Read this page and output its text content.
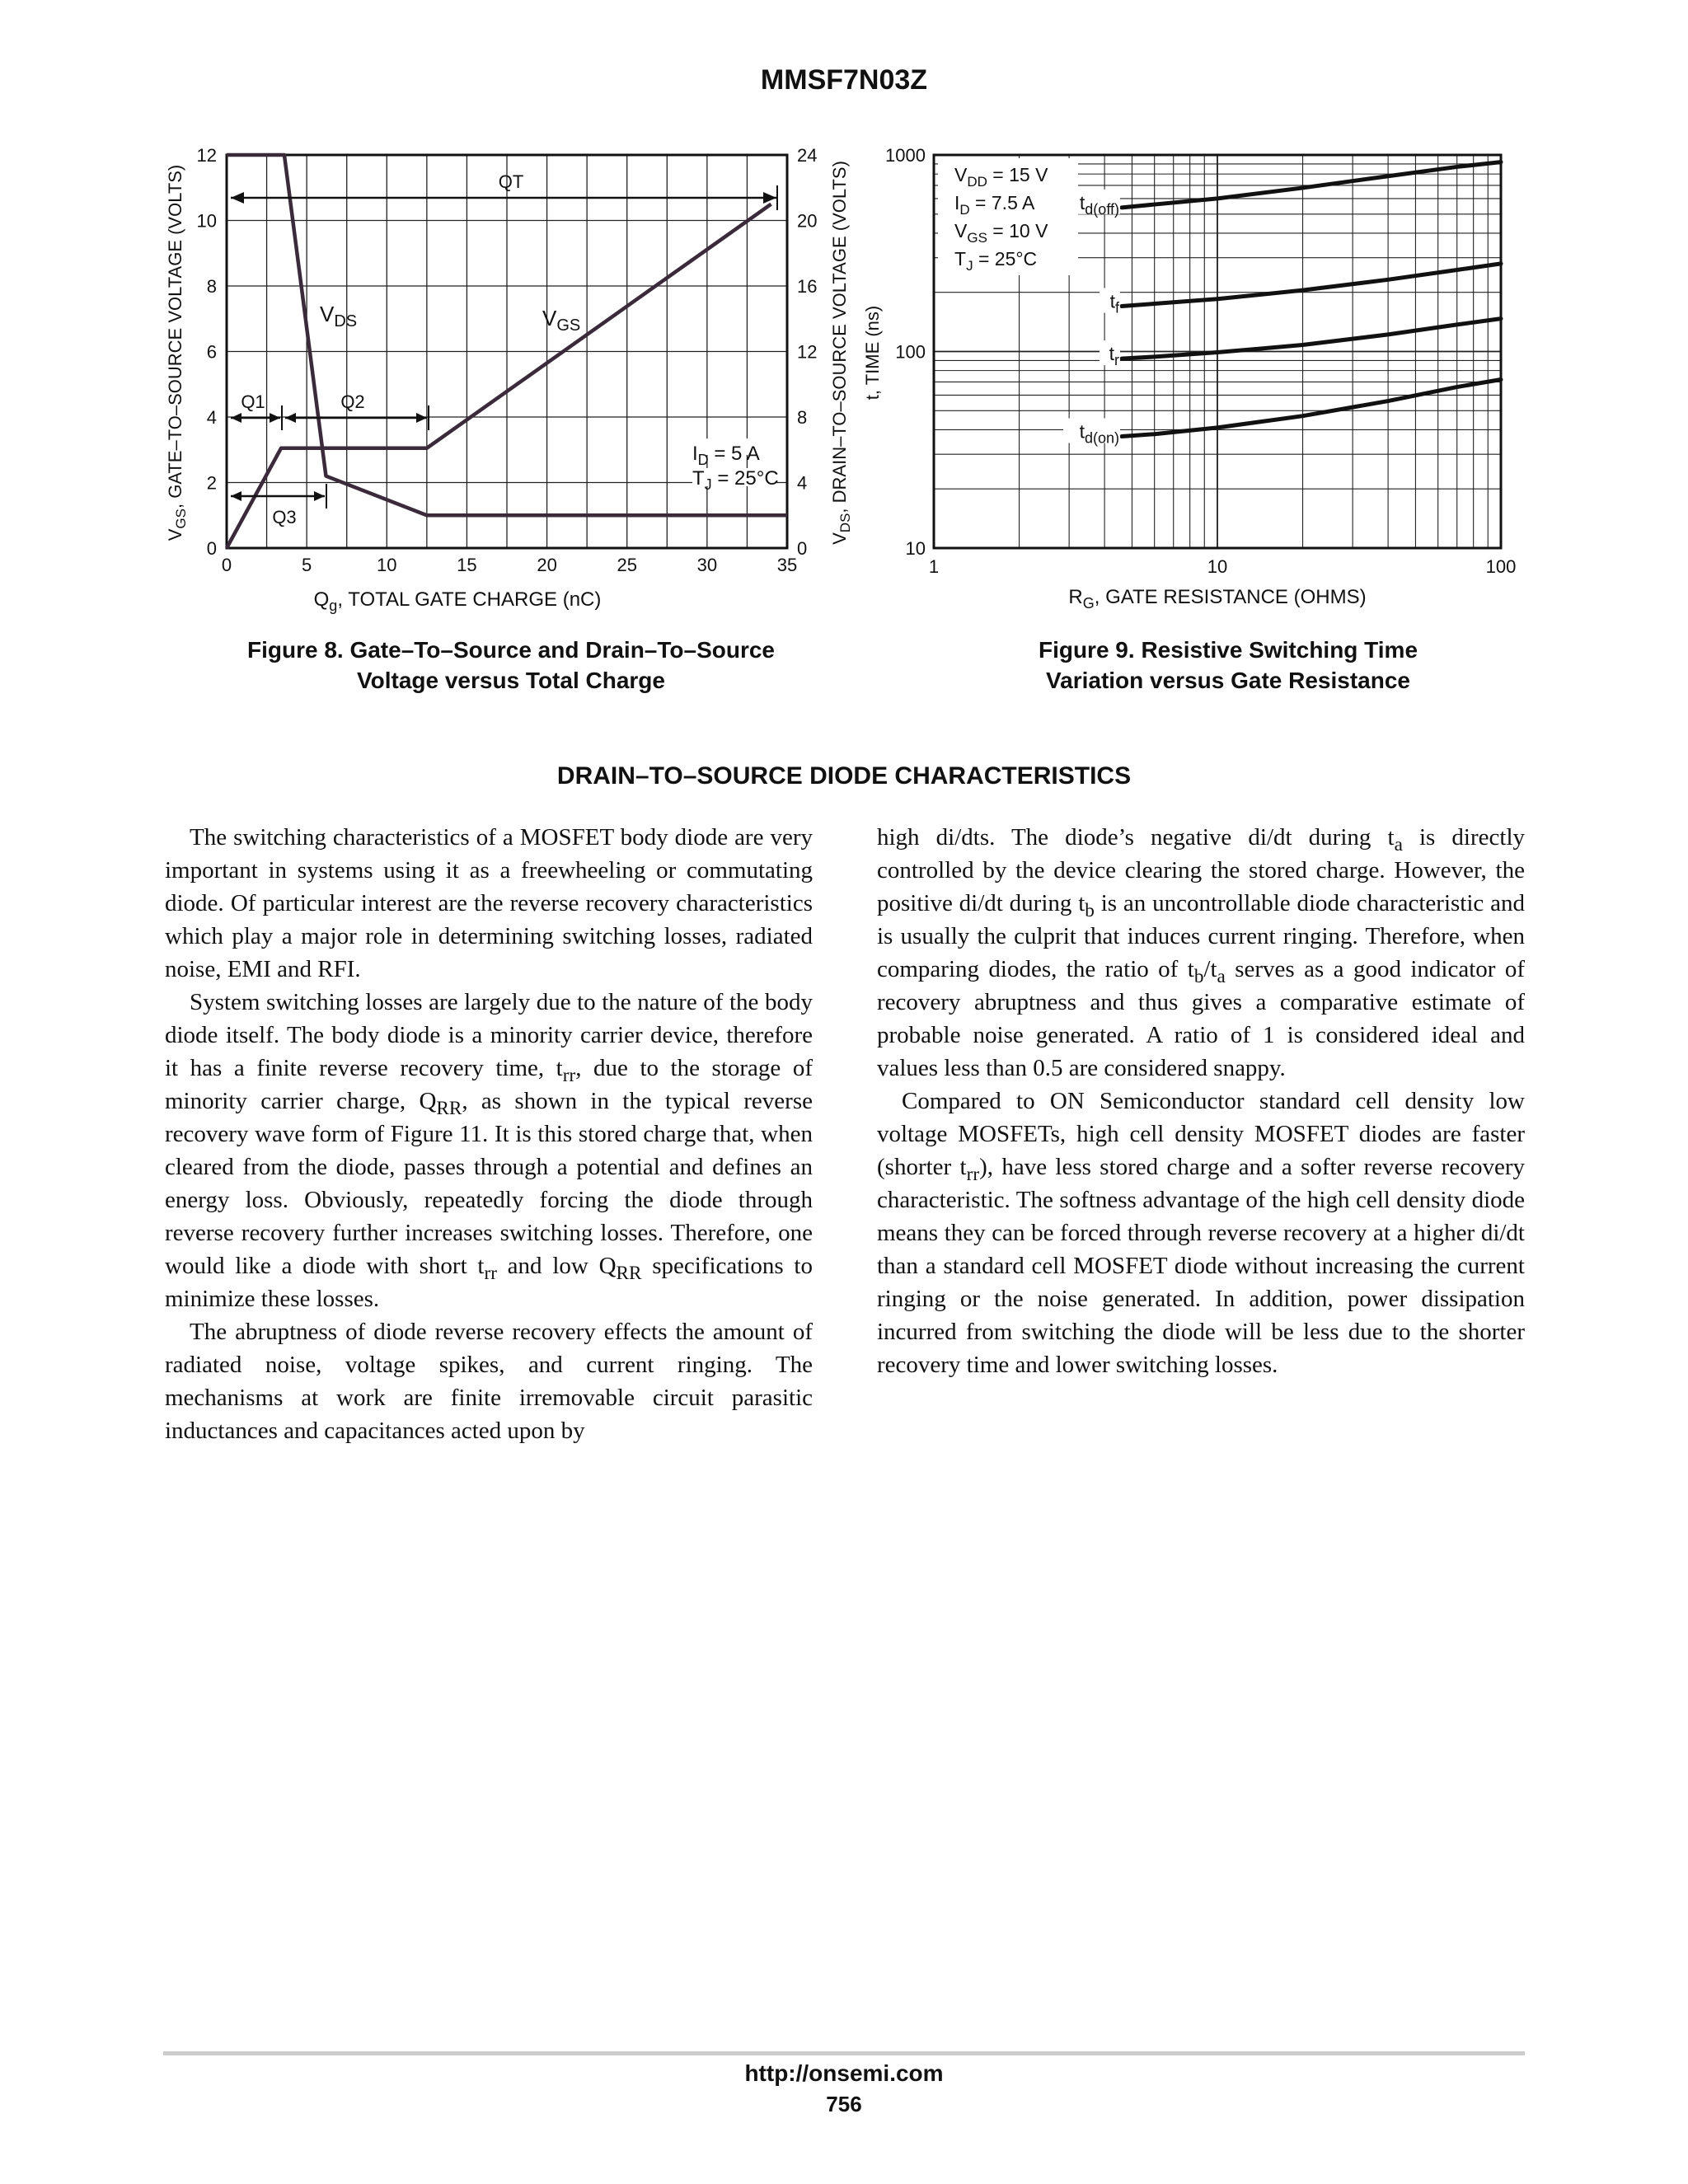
MMSF7N03Z
0	5	10	15	20	25	30	35
0
2
4
6
8
10
12
0
4
8
12
16
20
24
QT
Q1	Q2
Q3
$V_{DS}$	$V_{GS}$
$I_D = 5$ A
$T_J = 25^\circ C$
$Q_g$, TOTAL GATE CHARGE (nC)
$V_{GS}$, GATE–TO–SOURCE VOLTAGE (VOLTS)
$V_{DS}$, DRAIN–TO–SOURCE VOLTAGE (VOLTS)
1	10	100
10
100
1000
$V_{DD} = 15$ V
$I_D = 7.5$ A
$V_{GS} = 10$ V
$T_J = 25^\circ C$
$t_{d(off)}$
$t_f$
$t_r$
$t_{d(on)}$
$R_G$, GATE RESISTANCE (OHMS)
t, TIME (ns)
Figure 8. Gate–To–Source and Drain–To–Source
Voltage versus Total Charge
Figure 9. Resistive Switching Time
Variation versus Gate Resistance
DRAIN–TO–SOURCE DIODE CHARACTERISTICS

The switching characteristics of a MOSFET body diode are very important in systems using it as a freewheeling or commutating diode. Of particular interest are the reverse recovery characteristics which play a major role in determining switching losses, radiated noise, EMI and RFI.

System switching losses are largely due to the nature of the body diode itself. The body diode is a minority carrier device, therefore it has a finite reverse recovery time, $t_{rr}$, due to the storage of minority carrier charge, $Q_{RR}$, as shown in the typical reverse recovery wave form of Figure 11. It is this stored charge that, when cleared from the diode, passes through a potential and defines an energy loss. Obviously, repeatedly forcing the diode through reverse recovery further increases switching losses. Therefore, one would like a diode with short $t_{rr}$ and low $Q_{RR}$ specifications to minimize these losses.

The abruptness of diode reverse recovery effects the amount of radiated noise, voltage spikes, and current ringing. The mechanisms at work are finite irremovable circuit parasitic inductances and capacitances acted upon by

high di/dts. The diode’s negative di/dt during $t_a$ is directly controlled by the device clearing the stored charge. However, the positive di/dt during $t_b$ is an uncontrollable diode characteristic and is usually the culprit that induces current ringing. Therefore, when comparing diodes, the ratio of $t_b/t_a$ serves as a good indicator of recovery abruptness and thus gives a comparative estimate of probable noise generated. A ratio of 1 is considered ideal and values less than 0.5 are considered snappy.

Compared to ON Semiconductor standard cell density low voltage MOSFETs, high cell density MOSFET diodes are faster (shorter $t_{rr}$), have less stored charge and a softer reverse recovery characteristic. The softness advantage of the high cell density diode means they can be forced through reverse recovery at a higher di/dt than a standard cell MOSFET diode without increasing the current ringing or the noise generated. In addition, power dissipation incurred from switching the diode will be less due to the shorter recovery time and lower switching losses.

http://onsemi.com
756
